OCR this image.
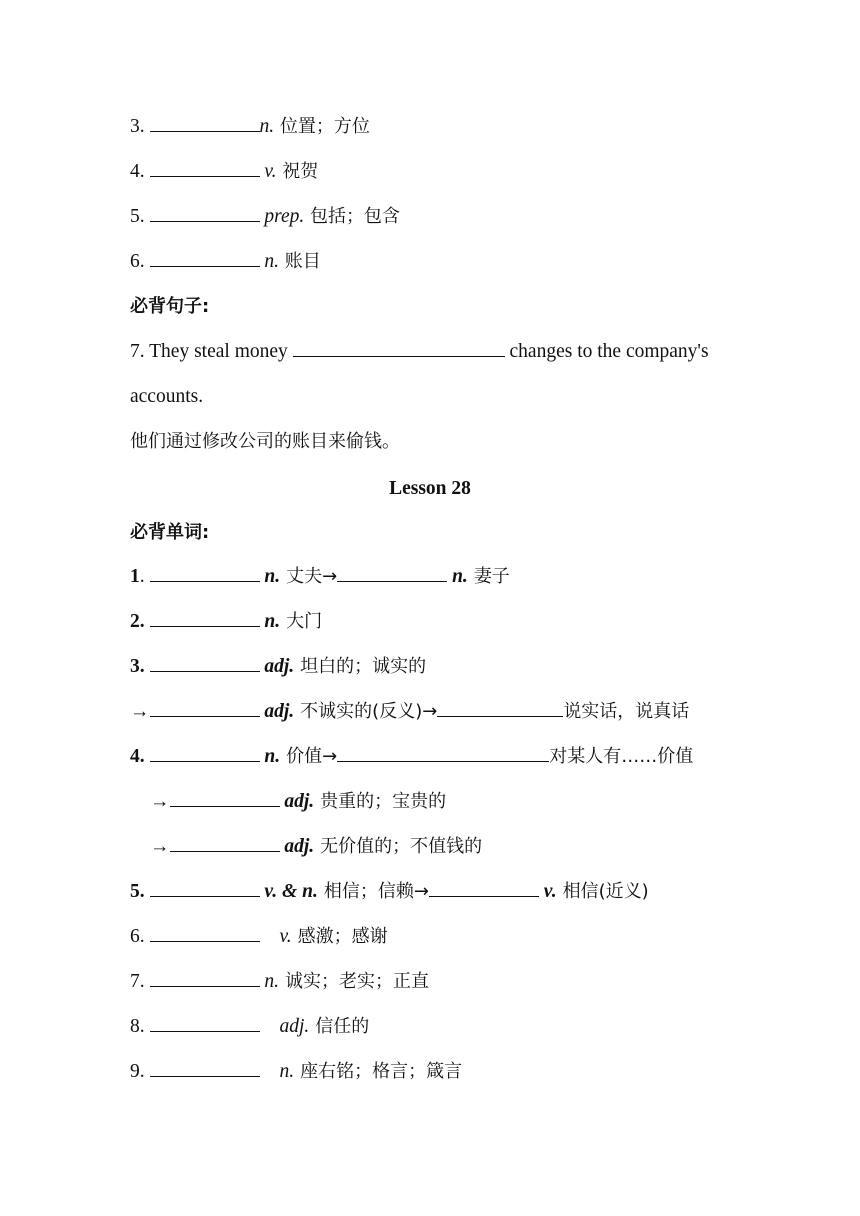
3.	n. 位置；方位
4.	v. 祝贺
5.	prep. 包括；包含
6.	n. 账目
必背句子:
7. They steal money	changes to the company's
accounts.
他们通过修改公司的账目来偷钱。
Lesson 28
必背单词:
1.	n. 丈夫→	n. 妻子
2.	n. 大门
3.	adj. 坦白的；诚实的
→	adj. 不诚实的(反义)→	说实话，说真话
4.	n. 价值→	对某人有……价值
→	adj. 贵重的；宝贵的
→	adj. 无价值的；不值钱的
5.	v. & n. 相信；信赖→	v. 相信(近义)
6.	v. 感激；感谢
7.	n. 诚实；老实；正直
8.	adj. 信任的
9.	n. 座右铭；格言；箴言
